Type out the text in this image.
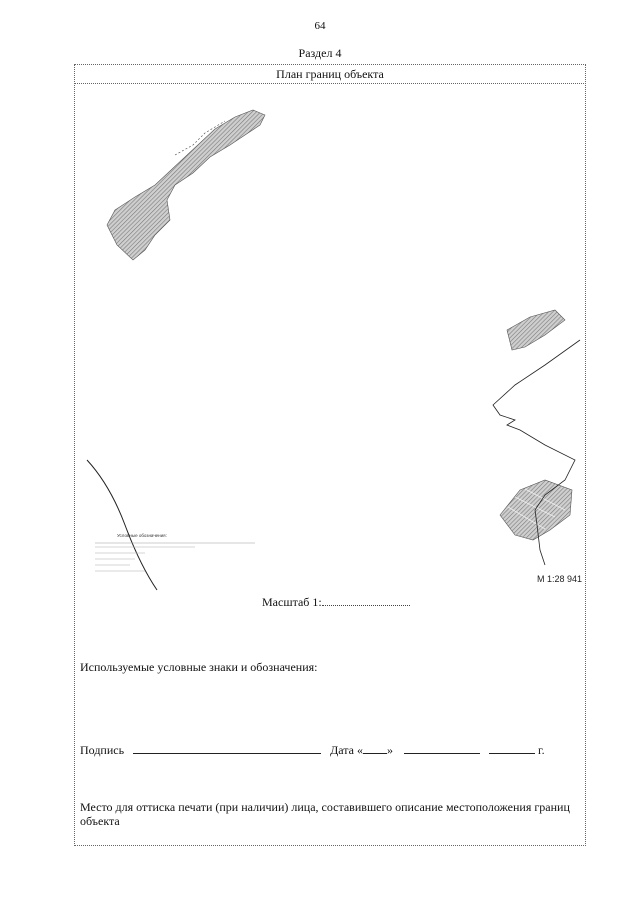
64
Раздел 4
План границ объекта
Условные обозначения:
М 1:28 941
Масштаб 1:
Используемые условные знаки и обозначения:
Подпись	Дата « »	г.
Место для оттиска печати (при наличии) лица, составившего описание местоположения границ объекта
